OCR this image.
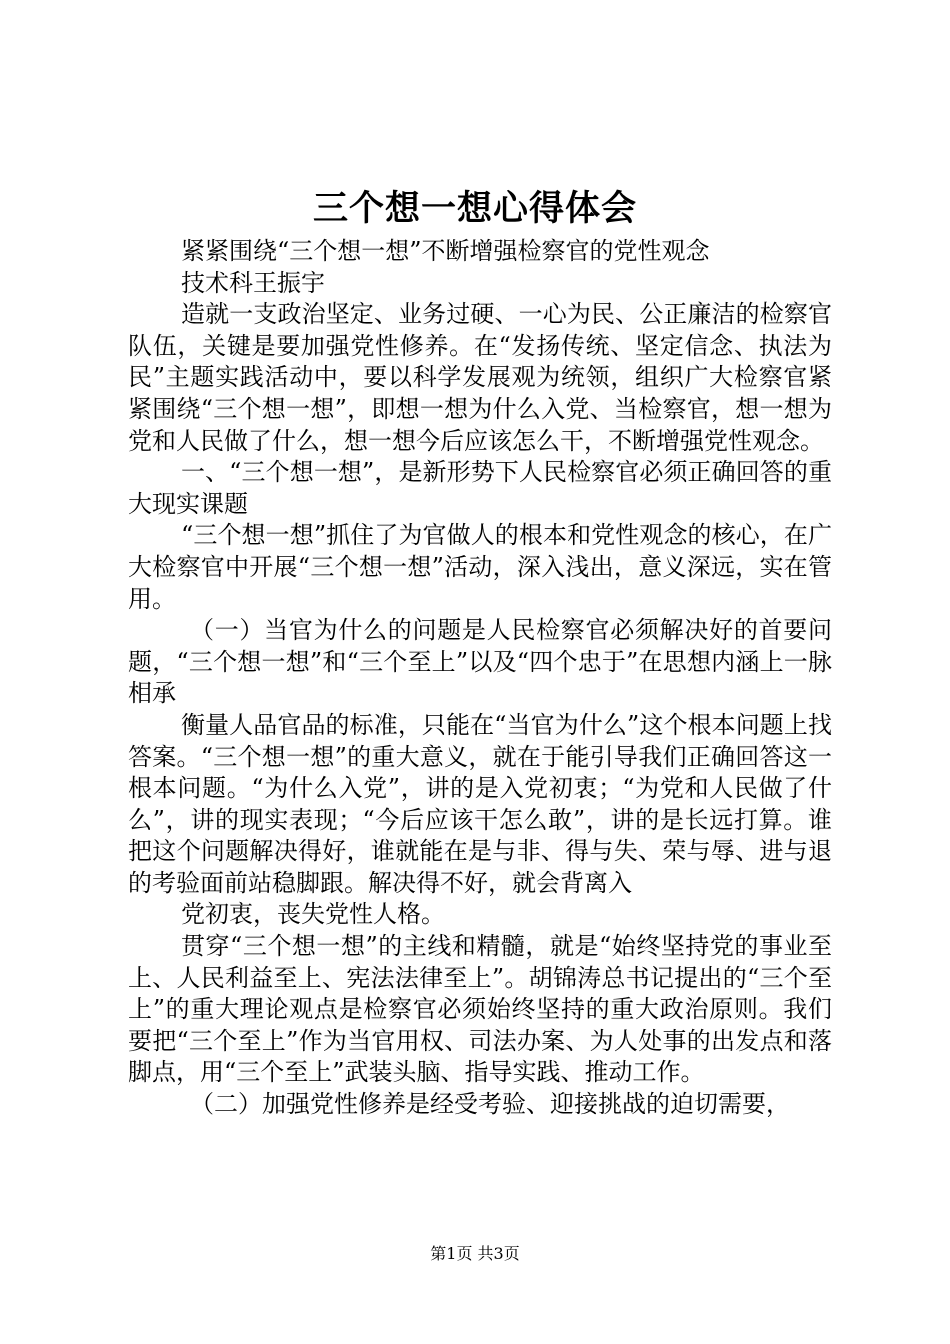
三个想一想心得体会

紧紧围绕“三个想一想”不断增强检察官的党性观念

技术科王振宇

造就一支政治坚定、业务过硬、一心为民、公正廉洁的检察官队伍，关键是要加强党性修养。在“发扬传统、坚定信念、执法为民”主题实践活动中，要以科学发展观为统领，组织广大检察官紧紧围绕“三个想一想”，即想一想为什么入党、当检察官，想一想为党和人民做了什么，想一想今后应该怎么干，不断增强党性观念。

一、“三个想一想”，是新形势下人民检察官必须正确回答的重大现实课题

“三个想一想”抓住了为官做人的根本和党性观念的核心，在广大检察官中开展“三个想一想”活动，深入浅出，意义深远，实在管用。

（一）当官为什么的问题是人民检察官必须解决好的首要问题，“三个想一想”和“三个至上”以及“四个忠于”在思想内涵上一脉相承

衡量人品官品的标准，只能在“当官为什么”这个根本问题上找答案。“三个想一想”的重大意义，就在于能引导我们正确回答这一根本问题。“为什么入党”，讲的是入党初衷；“为党和人民做了什么”，讲的现实表现；“今后应该干怎么敢”，讲的是长远打算。谁把这个问题解决得好，谁就能在是与非、得与失、荣与辱、进与退的考验面前站稳脚跟。解决得不好，就会背离入

党初衷，丧失党性人格。

贯穿“三个想一想”的主线和精髓，就是“始终坚持党的事业至上、人民利益至上、宪法法律至上”。胡锦涛总书记提出的“三个至上”的重大理论观点是检察官必须始终坚持的重大政治原则。我们要把“三个至上”作为当官用权、司法办案、为人处事的出发点和落脚点，用“三个至上”武装头脑、指导实践、推动工作。

（二）加强党性修养是经受考验、迎接挑战的迫切需要，

第1页 共3页
